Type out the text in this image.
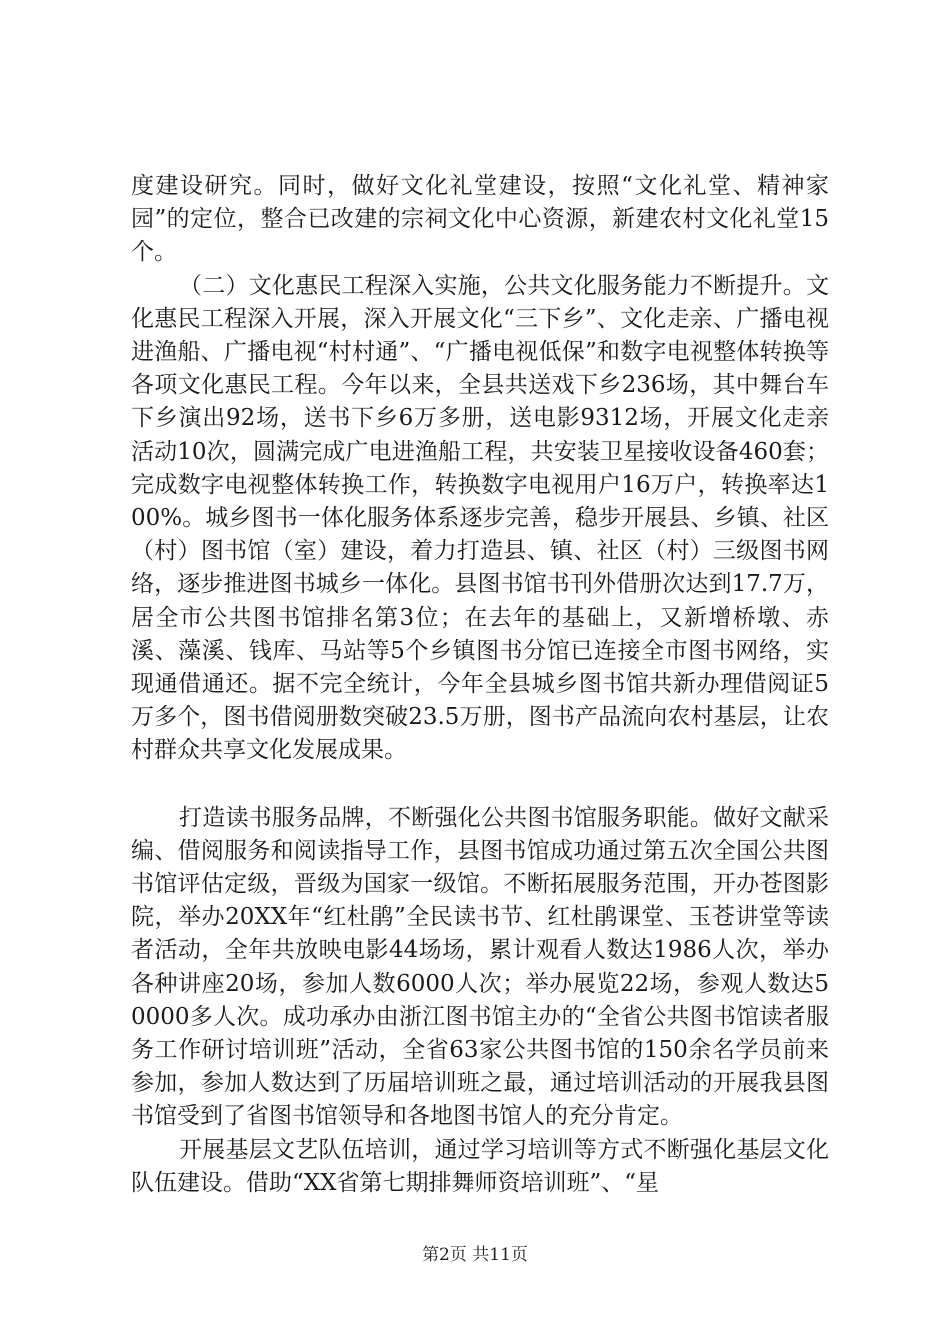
度建设研究。同时，做好文化礼堂建设，按照“文化礼堂、精神家园”的定位，整合已改建的宗祠文化中心资源，新建农村文化礼堂15个。

（二）文化惠民工程深入实施，公共文化服务能力不断提升。文化惠民工程深入开展，深入开展文化“三下乡”、文化走亲、广播电视进渔船、广播电视“村村通”、“广播电视低保”和数字电视整体转换等各项文化惠民工程。今年以来，全县共送戏下乡236场，其中舞台车下乡演出92场，送书下乡6万多册，送电影9312场，开展文化走亲活动10次，圆满完成广电进渔船工程，共安装卫星接收设备460套；完成数字电视整体转换工作，转换数字电视用户16万户，转换率达100%。城乡图书一体化服务体系逐步完善，稳步开展县、乡镇、社区（村）图书馆（室）建设，着力打造县、镇、社区（村）三级图书网络，逐步推进图书城乡一体化。县图书馆书刊外借册次达到17.7万，居全市公共图书馆排名第3位；在去年的基础上，又新增桥墩、赤溪、藻溪、钱库、马站等5个乡镇图书分馆已连接全市图书网络，实现通借通还。据不完全统计，今年全县城乡图书馆共新办理借阅证5万多个，图书借阅册数突破23.5万册，图书产品流向农村基层，让农村群众共享文化发展成果。

打造读书服务品牌，不断强化公共图书馆服务职能。做好文献采编、借阅服务和阅读指导工作，县图书馆成功通过第五次全国公共图书馆评估定级，晋级为国家一级馆。不断拓展服务范围，开办苍图影院，举办20XX年“红杜鹃”全民读书节、红杜鹃课堂、玉苍讲堂等读者活动，全年共放映电影44场场，累计观看人数达1986人次，举办各种讲座20场，参加人数6000人次；举办展览22场，参观人数达50000多人次。成功承办由浙江图书馆主办的“全省公共图书馆读者服务工作研讨培训班”活动，全省63家公共图书馆的150余名学员前来参加，参加人数达到了历届培训班之最，通过培训活动的开展我县图书馆受到了省图书馆领导和各地图书馆人的充分肯定。

开展基层文艺队伍培训，通过学习培训等方式不断强化基层文化队伍建设。借助“XX省第七期排舞师资培训班”、“星

第2页 共11页
